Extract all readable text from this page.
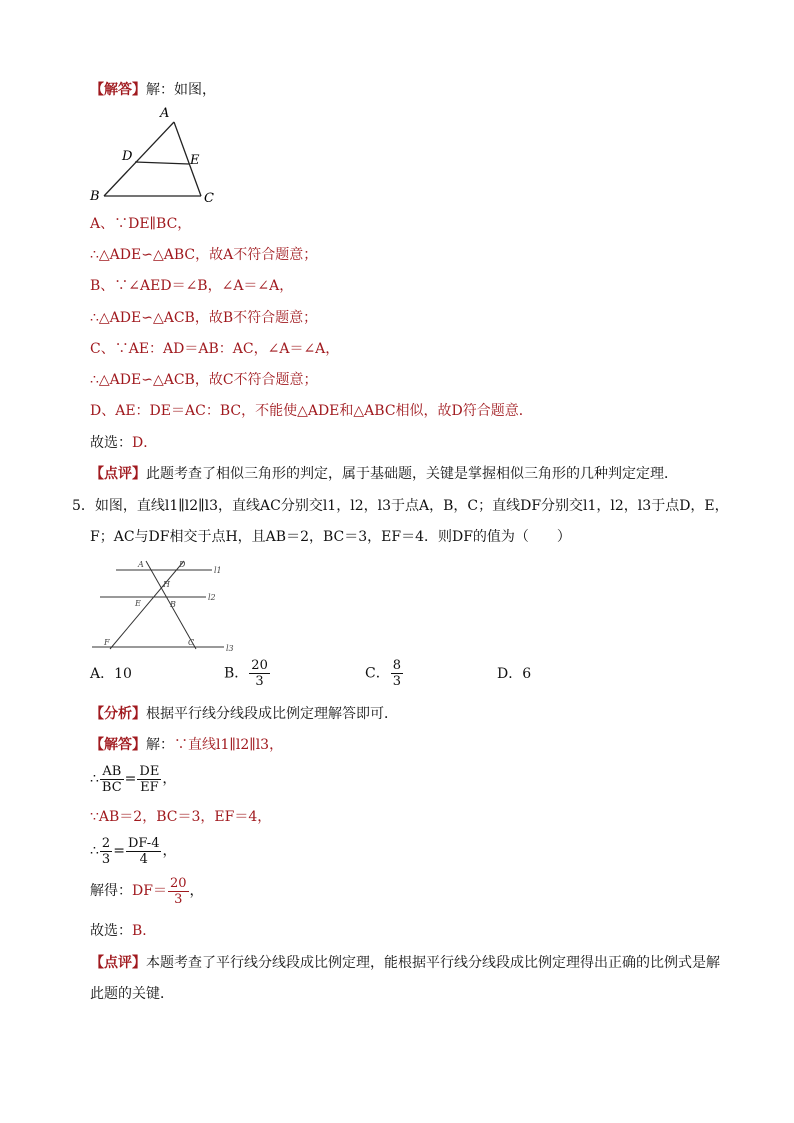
【解答】解：如图，
A
D	E
B	C
A、∵DE∥BC，
∴△ADE∽△ABC，故A不符合题意；
B、∵∠AED＝∠B，∠A＝∠A，
∴△ADE∽△ACB，故B不符合题意；
C、∵AE：AD＝AB：AC，∠A＝∠A，
∴△ADE∽△ACB，故C不符合题意；
D、AE：DE＝AC：BC，不能使△ADE和△ABC相似，故D符合题意．
故选：D．
【点评】此题考查了相似三角形的判定，属于基础题，关键是掌握相似三角形的几种判定定理．
5．如图，直线l1∥l2∥l3，直线AC分别交l1，l2，l3于点A，B，C；直线DF分别交l1，l2，l3于点D，E，
F；AC与DF相交于点H，且AB＝2，BC＝3，EF＝4．则DF的值为（　　）
A	D
H
E	B
F	C
l1
l2
l3
A．10	B． $\frac{20}{3}$	C． $\frac{8}{3}$	D．6
【分析】根据平行线分线段成比例定理解答即可．
【解答】解：∵直线l1∥l2∥l3，
∴ $\frac{AB}{BC} = \frac{DE}{EF}$ ，
∵AB＝2，BC＝3，EF＝4，
∴ $\frac{2}{3} = \frac{DF-4}{4}$ ，
解得：$DF= \frac{20}{3}$ ，
故选：B．
【点评】本题考查了平行线分线段成比例定理，能根据平行线分线段成比例定理得出正确的比例式是解
此题的关键．
